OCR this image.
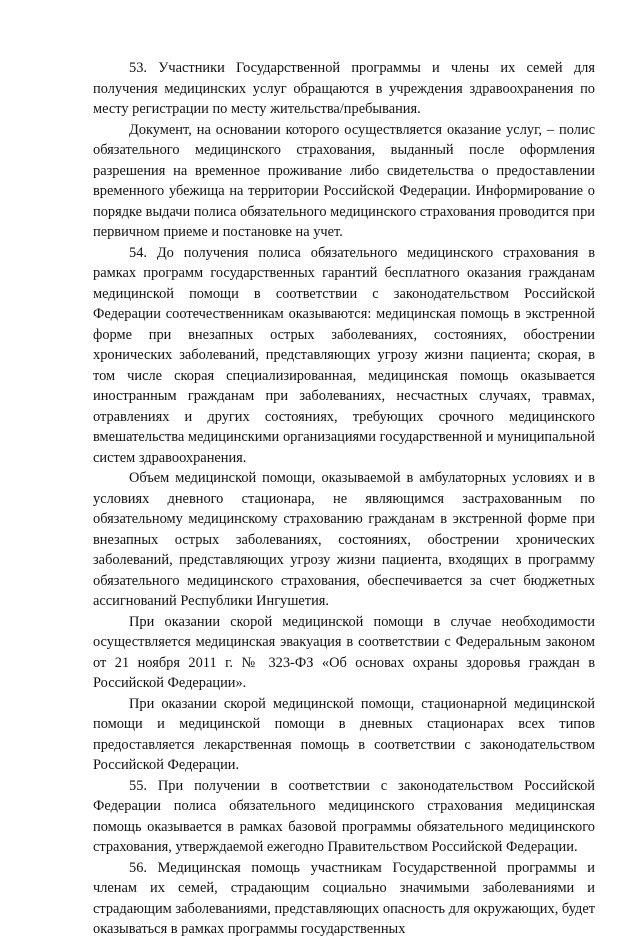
53. Участники Государственной программы и члены их семей для получения медицинских услуг обращаются в учреждения здравоохранения по месту регистрации по месту жительства/пребывания.

Документ, на основании которого осуществляется оказание услуг, – полис обязательного медицинского страхования, выданный после оформления разрешения на временное проживание либо свидетельства о предоставлении временного убежища на территории Российской Федерации. Информирование о порядке выдачи полиса обязательного медицинского страхования проводится при первичном приеме и постановке на учет.

54. До получения полиса обязательного медицинского страхования в рамках программ государственных гарантий бесплатного оказания гражданам медицинской помощи в соответствии с законодательством Российской Федерации соотечественникам оказываются: медицинская помощь в экстренной форме при внезапных острых заболеваниях, состояниях, обострении хронических заболеваний, представляющих угрозу жизни пациента; скорая, в том числе скорая специализированная, медицинская помощь оказывается иностранным гражданам при заболеваниях, несчастных случаях, травмах, отравлениях и других состояниях, требующих срочного медицинского вмешательства медицинскими организациями государственной и муниципальной систем здравоохранения.

Объем медицинской помощи, оказываемой в амбулаторных условиях и в условиях дневного стационара, не являющимся застрахованным по обязательному медицинскому страхованию гражданам в экстренной форме при внезапных острых заболеваниях, состояниях, обострении хронических заболеваний, представляющих угрозу жизни пациента, входящих в программу обязательного медицинского страхования, обеспечивается за счет бюджетных ассигнований Республики Ингушетия.

При оказании скорой медицинской помощи в случае необходимости осуществляется медицинская эвакуация в соответствии с Федеральным законом от 21 ноября 2011 г. № 323-ФЗ «Об основах охраны здоровья граждан в Российской Федерации».

При оказании скорой медицинской помощи, стационарной медицинской помощи и медицинской помощи в дневных стационарах всех типов предоставляется лекарственная помощь в соответствии с законодательством Российской Федерации.

55. При получении в соответствии с законодательством Российской Федерации полиса обязательного медицинского страхования медицинская помощь оказывается в рамках базовой программы обязательного медицинского страхования, утверждаемой ежегодно Правительством Российской Федерации.

56. Медицинская помощь участникам Государственной программы и членам их семей, страдающим социально значимыми заболеваниями и страдающим заболеваниями, представляющих опасность для окружающих, будет оказываться в рамках программы государственных
